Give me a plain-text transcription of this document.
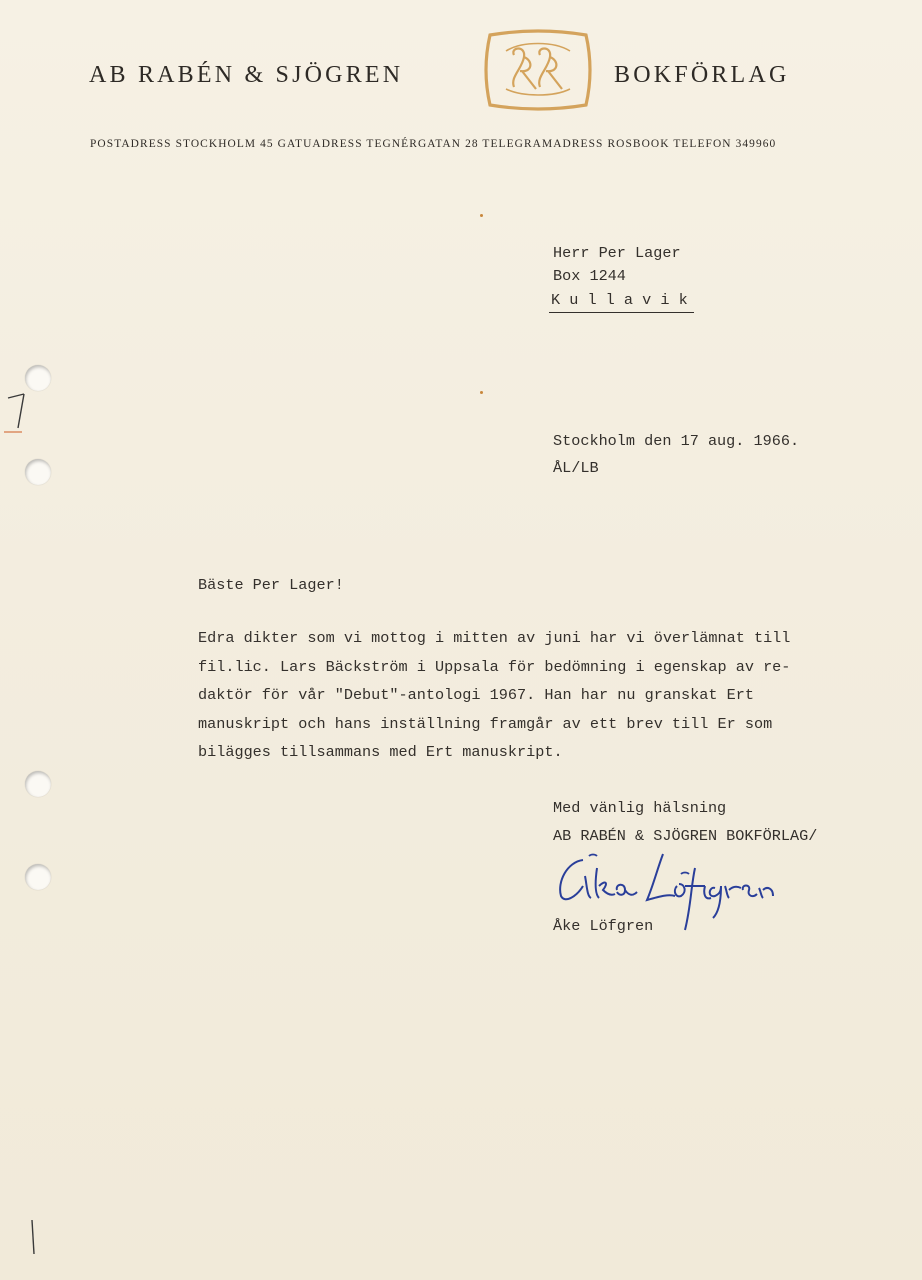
AB RABÉN & SJÖGREN	BOKFÖRLAG
POSTADRESS STOCKHOLM 45 GATUADRESS TEGNÉRGATAN 28 TELEGRAMADRESS ROSBOOK TELEFON 349960
Herr Per Lager
Box 1244
K u l l a v i k
Stockholm den 17 aug. 1966.
ÅL/LB
Bäste Per Lager!
Edra dikter som vi mottog i mitten av juni har vi överlämnat till
fil.lic. Lars Bäckström i Uppsala för bedömning i egenskap av re-
daktör för vår "Debut"-antologi 1967. Han har nu granskat Ert
manuskript och hans inställning framgår av ett brev till Er som
bilägges tillsammans med Ert manuskript.
Med vänlig hälsning
AB RABÉN & SJÖGREN BOKFÖRLAG/
Åke Löfgren
